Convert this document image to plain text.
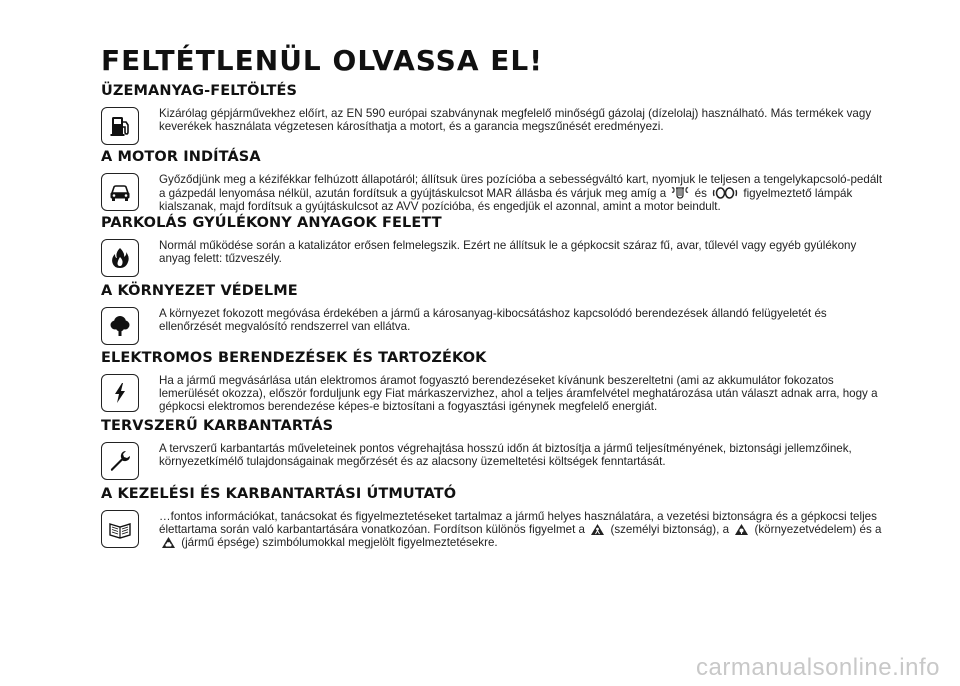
FELTÉTLENÜL OLVASSA EL!
ÜZEMANYAG-FELTÖLTÉS
Kizárólag gépjárművekhez előírt, az EN 590 európai szabványnak megfelelő minőségű gázolaj (dízelolaj) használható. Más termékek vagy keverékek használata végzetesen károsíthatja a motort, és a garancia megszűnését eredményezi.
A MOTOR INDÍTÁSA
Győződjünk meg a kézifékkar felhúzott állapotáról; állítsuk üres pozícióba a sebességváltó kart, nyomjuk le teljesen a tengelykapcsoló-pedált a gázpedál lenyomása nélkül, azután fordítsuk a gyújtáskulcsot MAR állásba és várjuk meg amíg a és	figyelmeztető lámpák kialszanak, majd fordítsuk a gyújtáskulcsot az AVV pozícióba, és engedjük el azonnal, amint a motor beindult.
PARKOLÁS GYÚLÉKONY ANYAGOK FELETT
Normál működése során a katalizátor erősen felmelegszik. Ezért ne állítsuk le a gépkocsit száraz fű, avar, tűlevél vagy egyéb gyúlékony anyag felett: tűzveszély.
A KÖRNYEZET VÉDELME
A környezet fokozott megóvása érdekében a jármű a károsanyag-kibocsátáshoz kapcsolódó berendezések állandó felügyeletét és ellenőrzését megvalósító rendszerrel van ellátva.
ELEKTROMOS BERENDEZÉSEK ÉS TARTOZÉKOK
Ha a jármű megvásárlása után elektromos áramot fogyasztó berendezéseket kívánunk beszereltetni (ami az akkumulátor fokozatos lemerülését okozza), először forduljunk egy Fiat márkaszervizhez, ahol a teljes áramfelvétel meghatározása után választ adnak arra, hogy a gépkocsi elektromos berendezése képes-e biztosítani a fogyasztási igénynek megfelelő energiát.
TERVSZERŰ KARBANTARTÁS
A tervszerű karbantartás műveleteinek pontos végrehajtása hosszú időn át biztosítja a jármű teljesítményének, biztonsági jellemzőinek, környezetkímélő tulajdonságainak megőrzését és az alacsony üzemeltetési költségek fenntartását.
A KEZELÉSI ÉS KARBANTARTÁSI ÚTMUTATÓ
…fontos információkat, tanácsokat és figyelmeztetéseket tartalmaz a jármű helyes használatára, a vezetési biztonságra és a gépkocsi teljes élettartama során való karbantartására vonatkozóan. Fordítson különös figyelmet a (személyi biztonság), a (környezetvédelem) és a
(jármű épsége) szimbólumokkal megjelölt figyelmeztetésekre.
carmanualsonline.info
